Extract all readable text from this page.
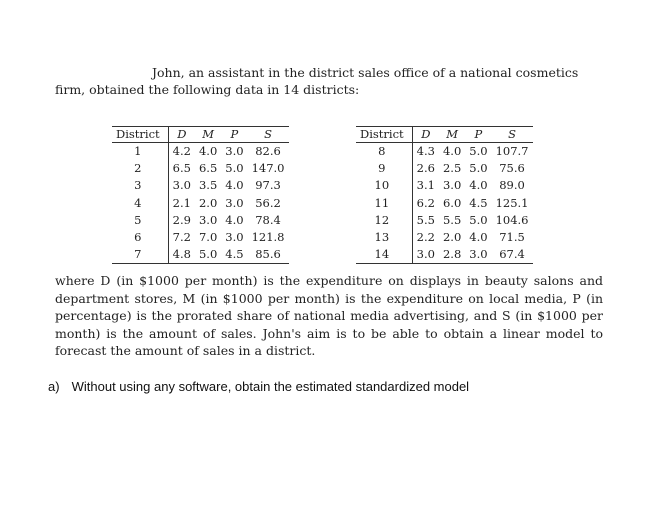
John, an assistant in the district sales office of a national cosmetics firm, obtained the following data in 14 districts:

District	D	M	P	S
1	4.2	4.0	3.0	82.6
2	6.5	6.5	5.0	147.0
3	3.0	3.5	4.0	97.3
4	2.1	2.0	3.0	56.2
5	2.9	3.0	4.0	78.4
6	7.2	7.0	3.0	121.8
7	4.8	5.0	4.5	85.6
District	D	M	P	S
8	4.3	4.0	5.0	107.7
9	2.6	2.5	5.0	75.6
10	3.1	3.0	4.0	89.0
11	6.2	6.0	4.5	125.1
12	5.5	5.5	5.0	104.6
13	2.2	2.0	4.0	71.5
14	3.0	2.8	3.0	67.4

where D (in $1000 per month) is the expenditure on displays in beauty salons and department stores, M (in $1000 per month) is the expenditure on local media, P (in percentage) is the prorated share of national media advertising, and S (in $1000 per month) is the amount of sales. John's aim is to be able to obtain a linear model to forecast the amount of sales in a district.

a) Without using any software, obtain the estimated standardized model
